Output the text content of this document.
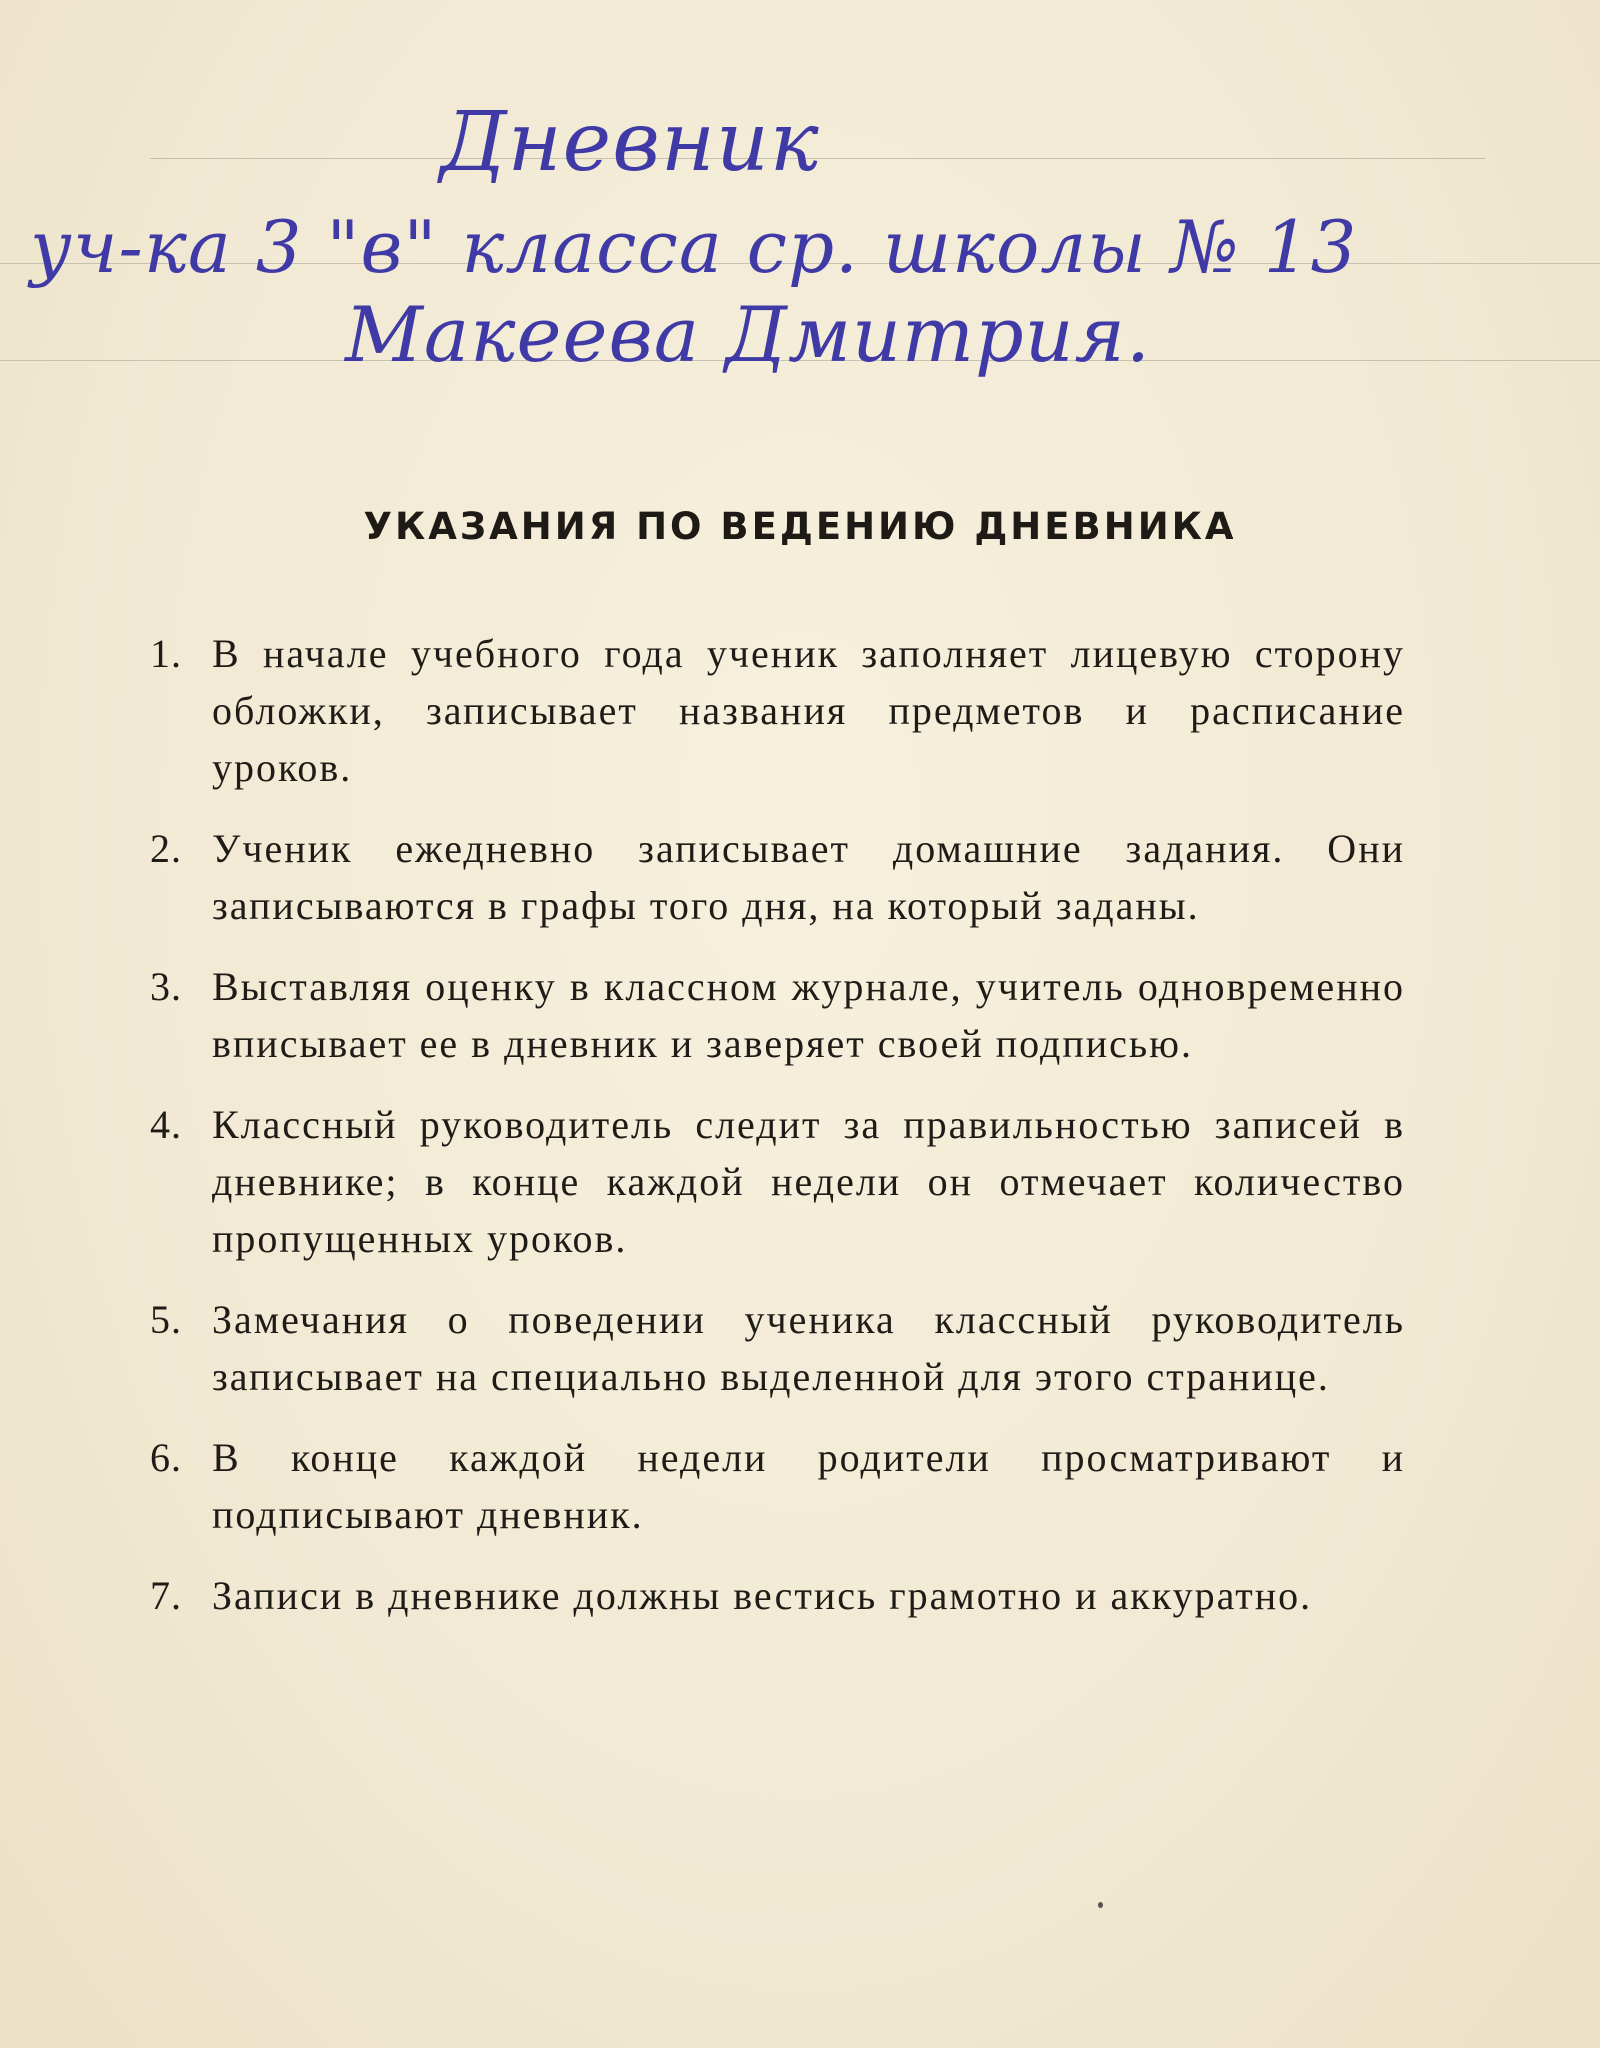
Дневник
уч-ка 3 "в" класса ср. школы № 13
Макеева Дмитрия.
УКАЗАНИЯ ПО ВЕДЕНИЮ ДНЕВНИКА
1. В начале учебного года ученик заполняет лицевую сторону обложки, записывает названия предметов и расписание уроков.
2. Ученик ежедневно записывает домашние задания. Они записываются в графы того дня, на который заданы.
3. Выставляя оценку в классном журнале, учитель одновременно вписывает ее в дневник и заверяет своей подписью.
4. Классный руководитель следит за правильностью записей в дневнике; в конце каждой недели он отмечает количество пропущенных уроков.
5. Замечания о поведении ученика классный руководитель записывает на специально выделенной для этого странице.
6. В конце каждой недели родители просматривают и подписывают дневник.
7. Записи в дневнике должны вестись грамотно и аккуратно.
